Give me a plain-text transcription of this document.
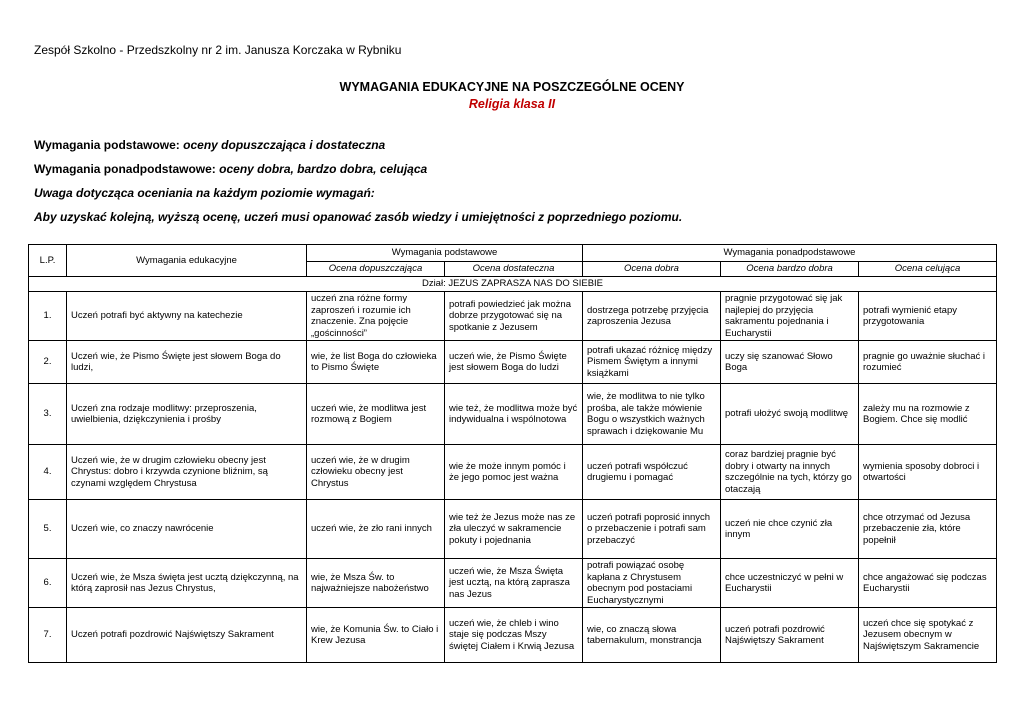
Zespół Szkolno - Przedszkolny nr 2 im. Janusza Korczaka w Rybniku
WYMAGANIA EDUKACYJNE NA POSZCZEGÓLNE OCENY
Religia klasa II
Wymagania podstawowe: oceny dopuszczająca i dostateczna
Wymagania ponadpodstawowe: oceny dobra, bardzo dobra, celująca
Uwaga dotycząca oceniania na każdym poziomie wymagań:
Aby uzyskać kolejną, wyższą ocenę, uczeń musi opanować zasób wiedzy i umiejętności z poprzedniego poziomu.
L.P.	Wymagania edukacyjne	Wymagania podstawowe		Wymagania ponadpodstawowe		
		Ocena dopuszczająca	Ocena dostateczna	Ocena dobra	Ocena bardzo dobra	Ocena celująca
Dział: JEZUS ZAPRASZA NAS DO SIEBIE						
1.	Uczeń potrafi być aktywny na katechezie	uczeń zna różne formy zaproszeń i rozumie ich znaczenie. Zna pojęcie „gościnności”	potrafi powiedzieć jak można dobrze przygotować się na spotkanie z Jezusem	dostrzega potrzebę przyjęcia zaproszenia Jezusa	pragnie przygotować się jak najlepiej do przyjęcia sakramentu pojednania i Eucharystii	potrafi wymienić etapy przygotowania
2.	Uczeń wie, że Pismo Święte jest słowem Boga do ludzi,	wie, że list Boga do człowieka to Pismo Święte	uczeń wie, że Pismo Święte jest słowem Boga do ludzi	potrafi ukazać różnicę między Pismem Świętym a innymi książkami	uczy się szanować Słowo Boga	pragnie go uważnie słuchać i rozumieć
3.	Uczeń zna rodzaje modlitwy: przeproszenia, uwielbienia, dziękczynienia i prośby	uczeń wie, że modlitwa jest rozmową z Bogiem	wie też, że modlitwa może być indywidualna i wspólnotowa	wie, że modlitwa to nie tylko prośba, ale także mówienie Bogu o wszystkich ważnych sprawach i dziękowanie Mu	potrafi ułożyć swoją modlitwę	zależy mu na rozmowie z Bogiem. Chce się modlić
4.	Uczeń wie, że w drugim człowieku obecny jest Chrystus: dobro i krzywda czynione bliźnim, są czynami względem Chrystusa	uczeń wie, że w drugim człowieku obecny jest Chrystus	wie że może innym pomóc i że jego pomoc jest ważna	uczeń potrafi współczuć drugiemu i pomagać	coraz bardziej pragnie być dobry i otwarty na innych szczególnie na tych, którzy go otaczają	wymienia sposoby dobroci i otwartości
5.	Uczeń wie, co znaczy nawrócenie	uczeń wie, że zło rani innych	wie też że Jezus może nas ze zła uleczyć w sakramencie pokuty i pojednania	uczeń potrafi poprosić innych o przebaczenie i potrafi sam przebaczyć	uczeń nie chce czynić zła innym	chce otrzymać od Jezusa przebaczenie zła, które popełnił
6.	Uczeń wie, że Msza święta jest ucztą dziękczynną, na którą zaprosił nas Jezus Chrystus,	wie, że Msza Św. to najważniejsze nabożeństwo	uczeń wie, że Msza Święta jest ucztą, na którą zaprasza nas Jezus	potrafi powiązać osobę kapłana z Chrystusem obecnym pod postaciami Eucharystycznymi	chce uczestniczyć w pełni w Eucharystii	chce angażować się podczas Eucharystii
7.	Uczeń potrafi pozdrowić Najświętszy Sakrament	wie, że Komunia Św. to Ciało i Krew Jezusa	uczeń wie, że chleb i wino staje się podczas Mszy świętej Ciałem i Krwią Jezusa	wie, co znaczą słowa tabernakulum, monstrancja	uczeń potrafi pozdrowić Najświętszy Sakrament	uczeń chce się spotykać z Jezusem obecnym w Najświętszym Sakramencie
